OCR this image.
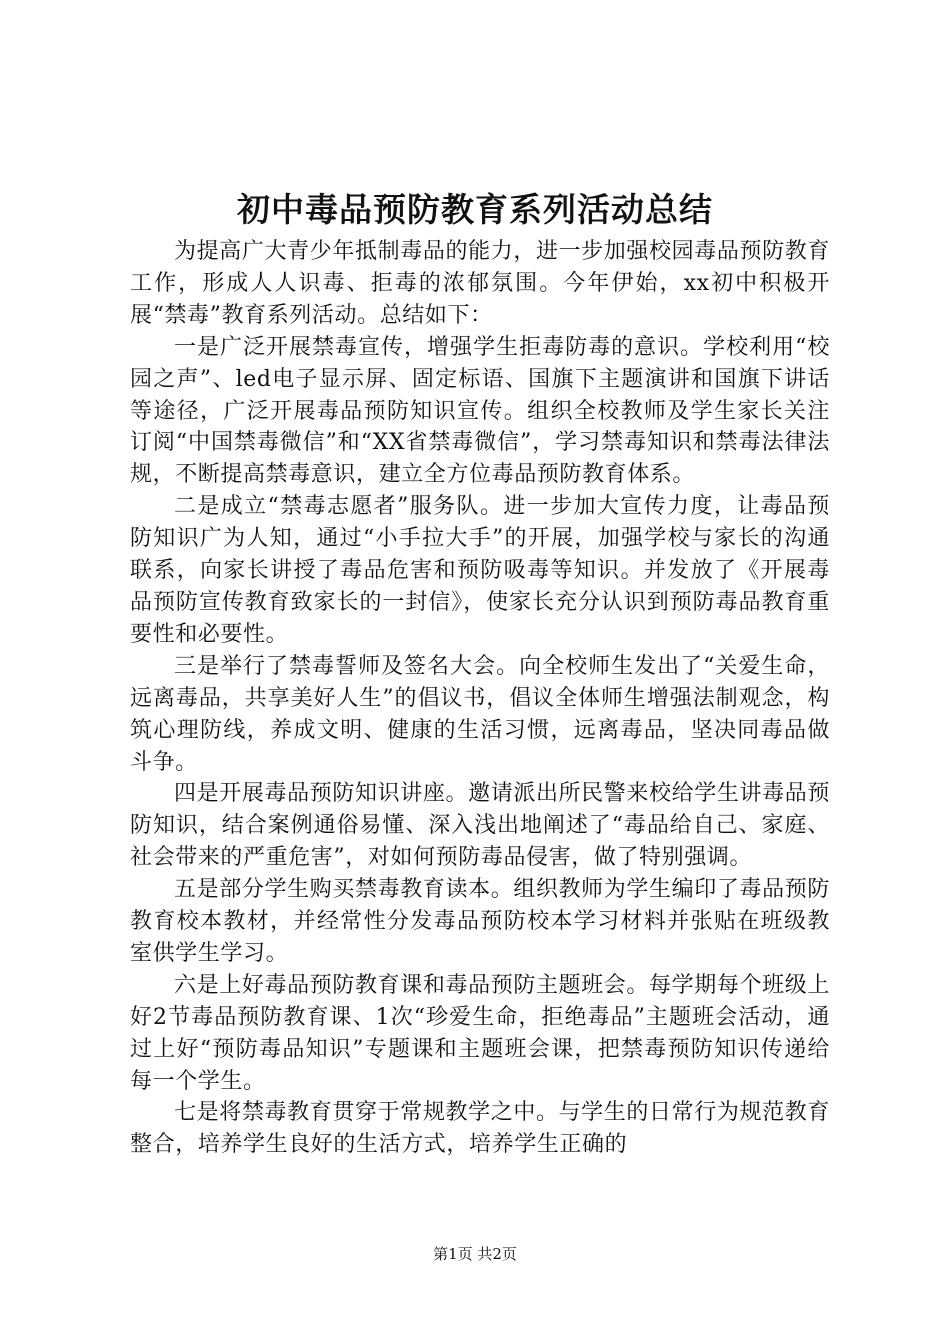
初中毒品预防教育系列活动总结

为提高广大青少年抵制毒品的能力，进一步加强校园毒品预防教育工作，形成人人识毒、拒毒的浓郁氛围。今年伊始，xx初中积极开展“禁毒”教育系列活动。总结如下：

一是广泛开展禁毒宣传，增强学生拒毒防毒的意识。学校利用“校园之声”、led电子显示屏、固定标语、国旗下主题演讲和国旗下讲话等途径，广泛开展毒品预防知识宣传。组织全校教师及学生家长关注订阅“中国禁毒微信”和“XX省禁毒微信”，学习禁毒知识和禁毒法律法规，不断提高禁毒意识，建立全方位毒品预防教育体系。

二是成立“禁毒志愿者”服务队。进一步加大宣传力度，让毒品预防知识广为人知，通过“小手拉大手”的开展，加强学校与家长的沟通联系，向家长讲授了毒品危害和预防吸毒等知识。并发放了《开展毒品预防宣传教育致家长的一封信》，使家长充分认识到预防毒品教育重要性和必要性。

三是举行了禁毒誓师及签名大会。向全校师生发出了“关爱生命，远离毒品，共享美好人生”的倡议书，倡议全体师生增强法制观念，构筑心理防线，养成文明、健康的生活习惯，远离毒品，坚决同毒品做斗争。

四是开展毒品预防知识讲座。邀请派出所民警来校给学生讲毒品预防知识，结合案例通俗易懂、深入浅出地阐述了“毒品给自己、家庭、社会带来的严重危害”，对如何预防毒品侵害，做了特别强调。

五是部分学生购买禁毒教育读本。组织教师为学生编印了毒品预防教育校本教材，并经常性分发毒品预防校本学习材料并张贴在班级教室供学生学习。

六是上好毒品预防教育课和毒品预防主题班会。每学期每个班级上好2节毒品预防教育课、1次“珍爱生命，拒绝毒品”主题班会活动，通过上好“预防毒品知识”专题课和主题班会课，把禁毒预防知识传递给每一个学生。

七是将禁毒教育贯穿于常规教学之中。与学生的日常行为规范教育整合，培养学生良好的生活方式，培养学生正确的

第1页 共2页
